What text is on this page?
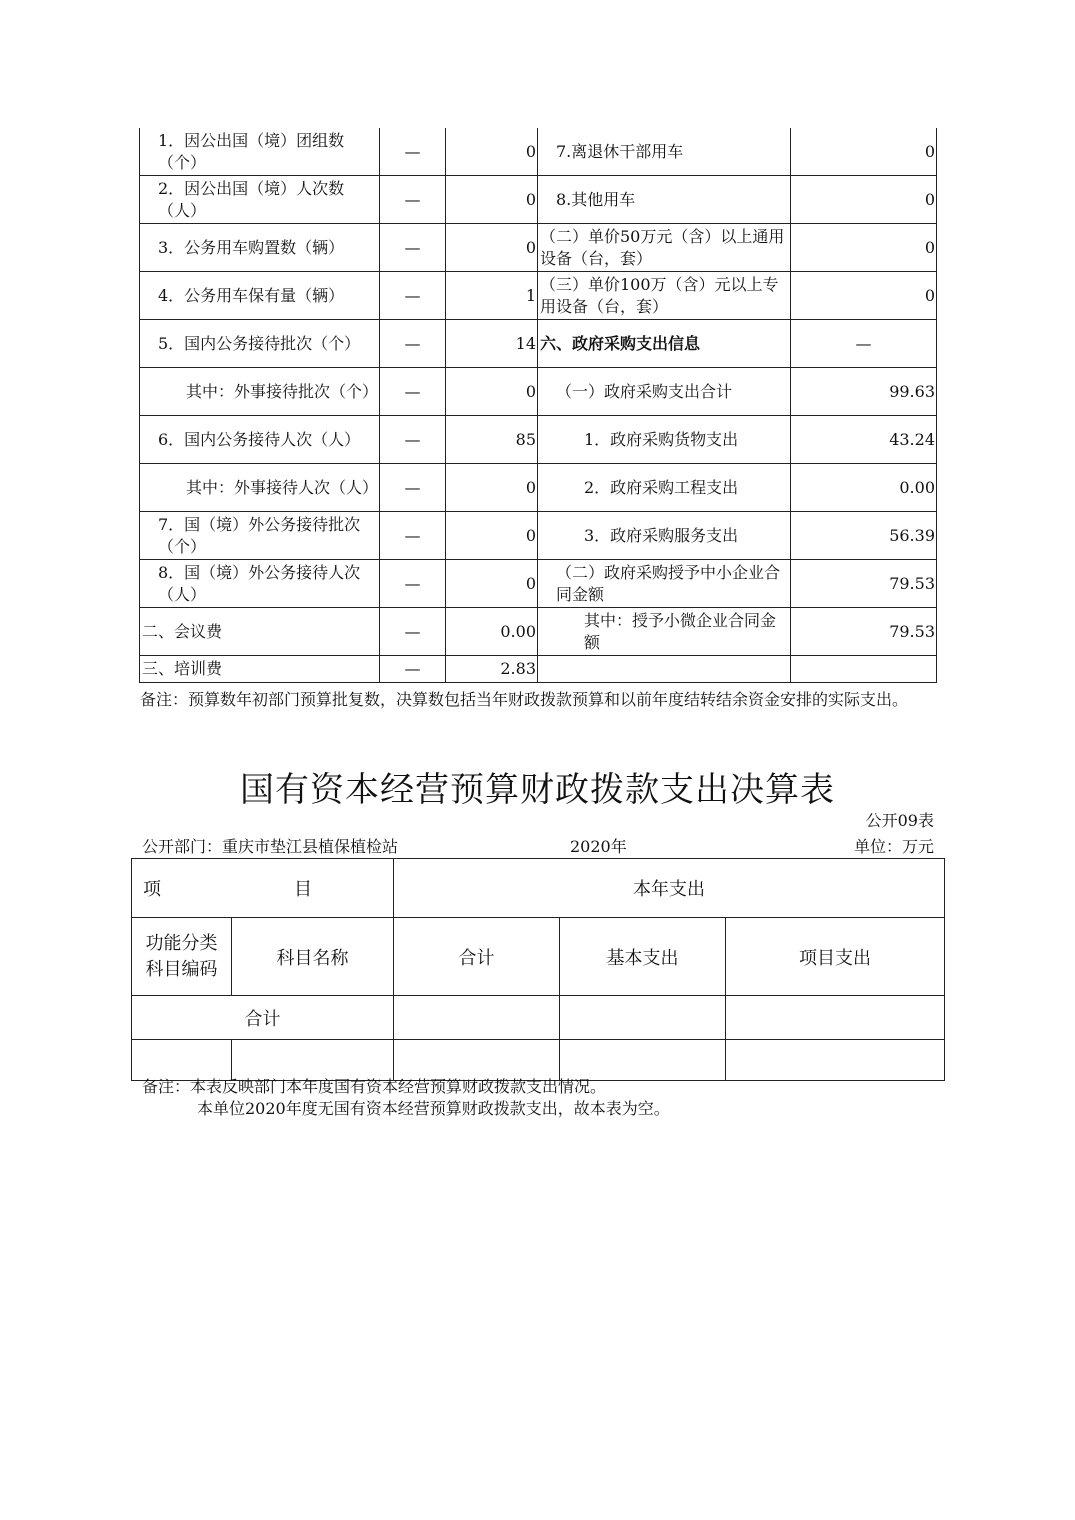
1．因公出国（境）团组数（个）	—	0	7.离退休干部用车	0
2．因公出国（境）人次数（人）	—	0	8.其他用车	0
3．公务用车购置数（辆）	—	0	（二）单价50万元（含）以上通用设备（台，套）	0
4．公务用车保有量（辆）	—	1	（三）单价100万（含）元以上专用设备（台，套）	0
5．国内公务接待批次（个）	—	14	六、政府采购支出信息	—
其中：外事接待批次（个）	—	0	（一）政府采购支出合计	99.63
6．国内公务接待人次（人）	—	85	1．政府采购货物支出	43.24
其中：外事接待人次（人）	—	0	2．政府采购工程支出	0.00
7．国（境）外公务接待批次（个）	—	0	3．政府采购服务支出	56.39
8．国（境）外公务接待人次（人）	—	0	（二）政府采购授予中小企业合同金额	79.53
二、会议费	—	0.00	其中：授予小微企业合同金额	79.53
三、培训费	—	2.83		
备注：预算数年初部门预算批复数，决算数包括当年财政拨款预算和以前年度结转结余资金安排的实际支出。
国有资本经营预算财政拨款支出决算表
公开09表
公开部门：重庆市垫江县植保植检站	2020年	单位：万元
项 目		本年支出		
功能分类科目编码	科目名称	合计	基本支出	项目支出
合计				

备注：本表反映部门本年度国有资本经营预算财政拨款支出情况。
本单位2020年度无国有资本经营预算财政拨款支出，故本表为空。
